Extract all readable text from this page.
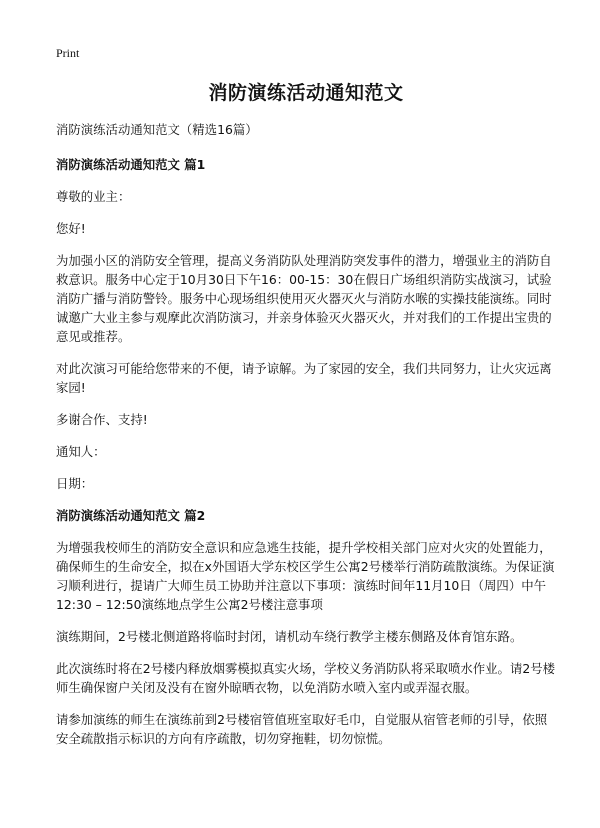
Print
消防演练活动通知范文

消防演练活动通知范文（精选16篇）

消防演练活动通知范文 篇1

尊敬的业主：

您好!

为加强小区的消防安全管理，提高义务消防队处理消防突发事件的潜力，增强业主的消防自救意识。服务中心定于10月30日下午16：00-15：30在假日广场组织消防实战演习，试验消防广播与消防警铃。服务中心现场组织使用灭火器灭火与消防水喉的实操技能演练。同时诚邀广大业主参与观摩此次消防演习，并亲身体验灭火器灭火，并对我们的工作提出宝贵的意见或推荐。

对此次演习可能给您带来的不便，请予谅解。为了家园的安全，我们共同努力，让火灾远离家园!

多谢合作、支持!

通知人：

日期：

消防演练活动通知范文 篇2

为增强我校师生的消防安全意识和应急逃生技能，提升学校相关部门应对火灾的处置能力，确保师生的生命安全，拟在x外国语大学东校区学生公寓2号楼举行消防疏散演练。为保证演习顺利进行，提请广大师生员工协助并注意以下事项：演练时间年11月10日（周四）中午12:30 – 12:50演练地点学生公寓2号楼注意事项

演练期间，2号楼北侧道路将临时封闭，请机动车绕行教学主楼东侧路及体育馆东路。

此次演练时将在2号楼内释放烟雾模拟真实火场，学校义务消防队将采取喷水作业。请2号楼师生确保窗户关闭及没有在窗外晾晒衣物，以免消防水喷入室内或弄湿衣服。

请参加演练的师生在演练前到2号楼宿管值班室取好毛巾，自觉服从宿管老师的引导，依照安全疏散指示标识的方向有序疏散，切勿穿拖鞋，切勿惊慌。
